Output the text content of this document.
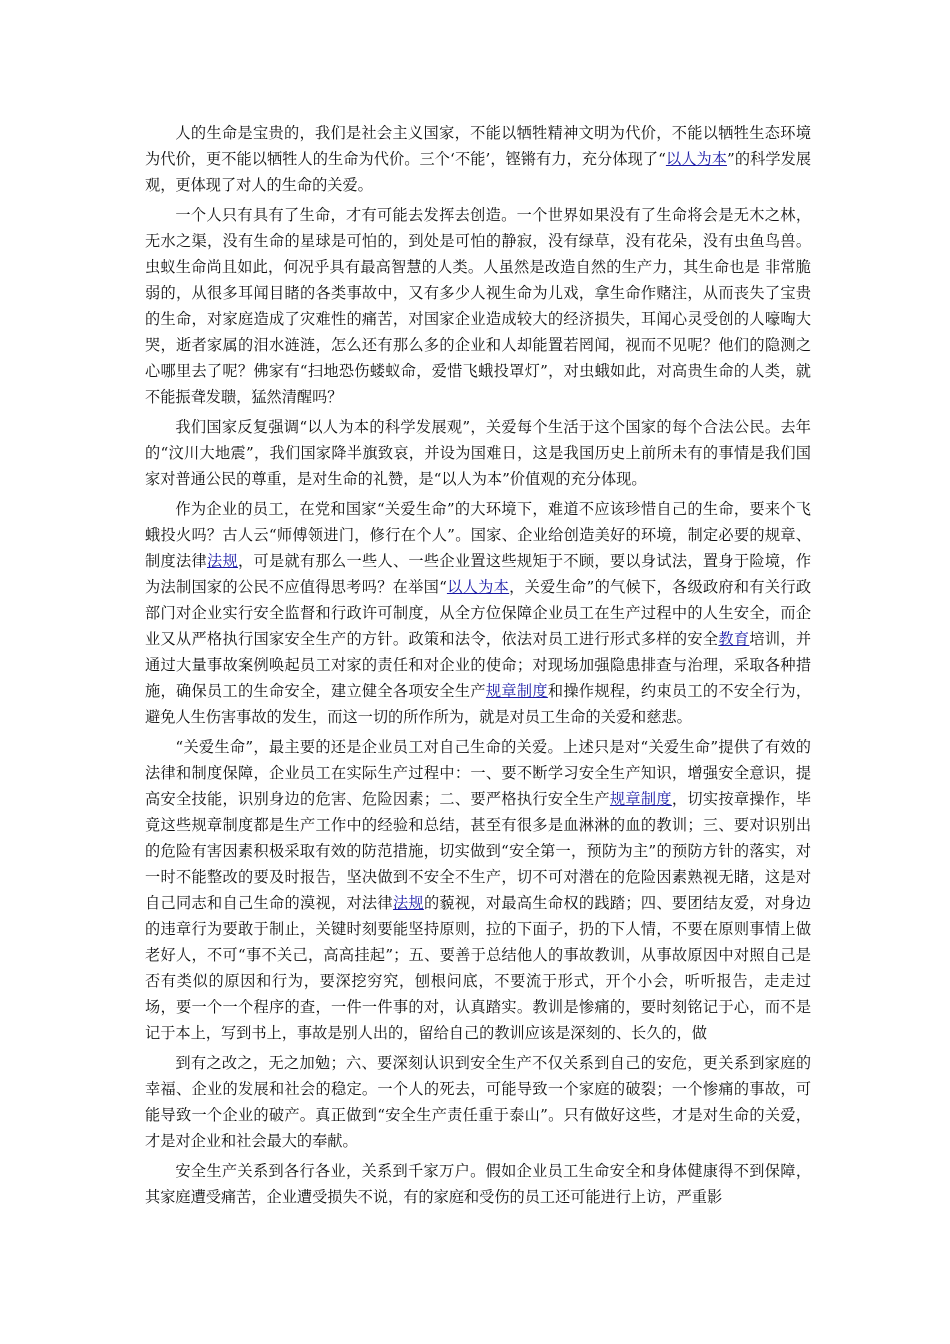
人的生命是宝贵的，我们是社会主义国家，不能以牺牲精神文明为代价，不能以牺牲生态环境为代价，更不能以牺牲人的生命为代价。三个‘不能’，铿锵有力，充分体现了“以人为本”的科学发展观，更体现了对人的生命的关爱。

一个人只有具有了生命，才有可能去发挥去创造。一个世界如果没有了生命将会是无木之林，无水之渠，没有生命的星球是可怕的，到处是可怕的静寂，没有绿草，没有花朵，没有虫鱼鸟兽。虫蚁生命尚且如此，何况乎具有最高智慧的人类。人虽然是改造自然的生产力，其生命也是 非常脆弱的，从很多耳闻目睹的各类事故中，又有多少人视生命为儿戏，拿生命作赌注，从而丧失了宝贵的生命，对家庭造成了灾难性的痛苦，对国家企业造成较大的经济损失，耳闻心灵受创的人嚎啕大哭，逝者家属的泪水涟涟，怎么还有那么多的企业和人却能置若罔闻，视而不见呢？他们的隐测之心哪里去了呢？佛家有“扫地恐伤蝼蚁命，爱惜飞蛾投罩灯”，对虫蛾如此，对高贵生命的人类，就不能振聋发聩，猛然清醒吗？

我们国家反复强调“以人为本的科学发展观”，关爱每个生活于这个国家的每个合法公民。去年的“汶川大地震”，我们国家降半旗致哀，并设为国难日，这是我国历史上前所未有的事情是我们国家对普通公民的尊重，是对生命的礼赞，是“以人为本”价值观的充分体现。

作为企业的员工，在党和国家“关爱生命”的大环境下，难道不应该珍惜自己的生命，要来个飞蛾投火吗？古人云“师傅领进门，修行在个人”。国家、企业给创造美好的环境，制定必要的规章、制度法律法规，可是就有那么一些人、一些企业置这些规矩于不顾，要以身试法，置身于险境，作为法制国家的公民不应值得思考吗？在举国“以人为本，关爱生命”的气候下，各级政府和有关行政部门对企业实行安全监督和行政许可制度，从全方位保障企业员工在生产过程中的人生安全，而企业又从严格执行国家安全生产的方针。政策和法令，依法对员工进行形式多样的安全教育培训，并通过大量事故案例唤起员工对家的责任和对企业的使命；对现场加强隐患排查与治理，采取各种措施，确保员工的生命安全，建立健全各项安全生产规章制度和操作规程，约束员工的不安全行为，避免人生伤害事故的发生，而这一切的所作所为，就是对员工生命的关爱和慈悲。

“关爱生命”，最主要的还是企业员工对自己生命的关爱。上述只是对“关爱生命”提供了有效的法律和制度保障，企业员工在实际生产过程中：一、要不断学习安全生产知识，增强安全意识，提高安全技能，识别身边的危害、危险因素；二、要严格执行安全生产规章制度，切实按章操作，毕竟这些规章制度都是生产工作中的经验和总结，甚至有很多是血淋淋的血的教训；三、要对识别出的危险有害因素积极采取有效的防范措施，切实做到“安全第一，预防为主”的预防方针的落实，对一时不能整改的要及时报告，坚决做到不安全不生产，切不可对潜在的危险因素熟视无睹，这是对自己同志和自己生命的漠视，对法律法规的藐视，对最高生命权的践踏；四、要团结友爱，对身边的违章行为要敢于制止，关键时刻要能坚持原则，拉的下面子，扔的下人情，不要在原则事情上做老好人，不可“事不关己，高高挂起”；五、要善于总结他人的事故教训，从事故原因中对照自己是否有类似的原因和行为，要深挖穷究，刨根问底，不要流于形式，开个小会，听听报告，走走过场，要一个一个程序的查，一件一件事的对，认真踏实。教训是惨痛的，要时刻铭记于心，而不是记于本上，写到书上，事故是别人出的，留给自己的教训应该是深刻的、长久的，做

到有之改之，无之加勉；六、要深刻认识到安全生产不仅关系到自己的安危，更关系到家庭的幸福、企业的发展和社会的稳定。一个人的死去，可能导致一个家庭的破裂；一个惨痛的事故，可能导致一个企业的破产。真正做到“安全生产责任重于泰山”。只有做好这些，才是对生命的关爱，才是对企业和社会最大的奉献。

安全生产关系到各行各业，关系到千家万户。假如企业员工生命安全和身体健康得不到保障，其家庭遭受痛苦，企业遭受损失不说，有的家庭和受伤的员工还可能进行上访，严重影
